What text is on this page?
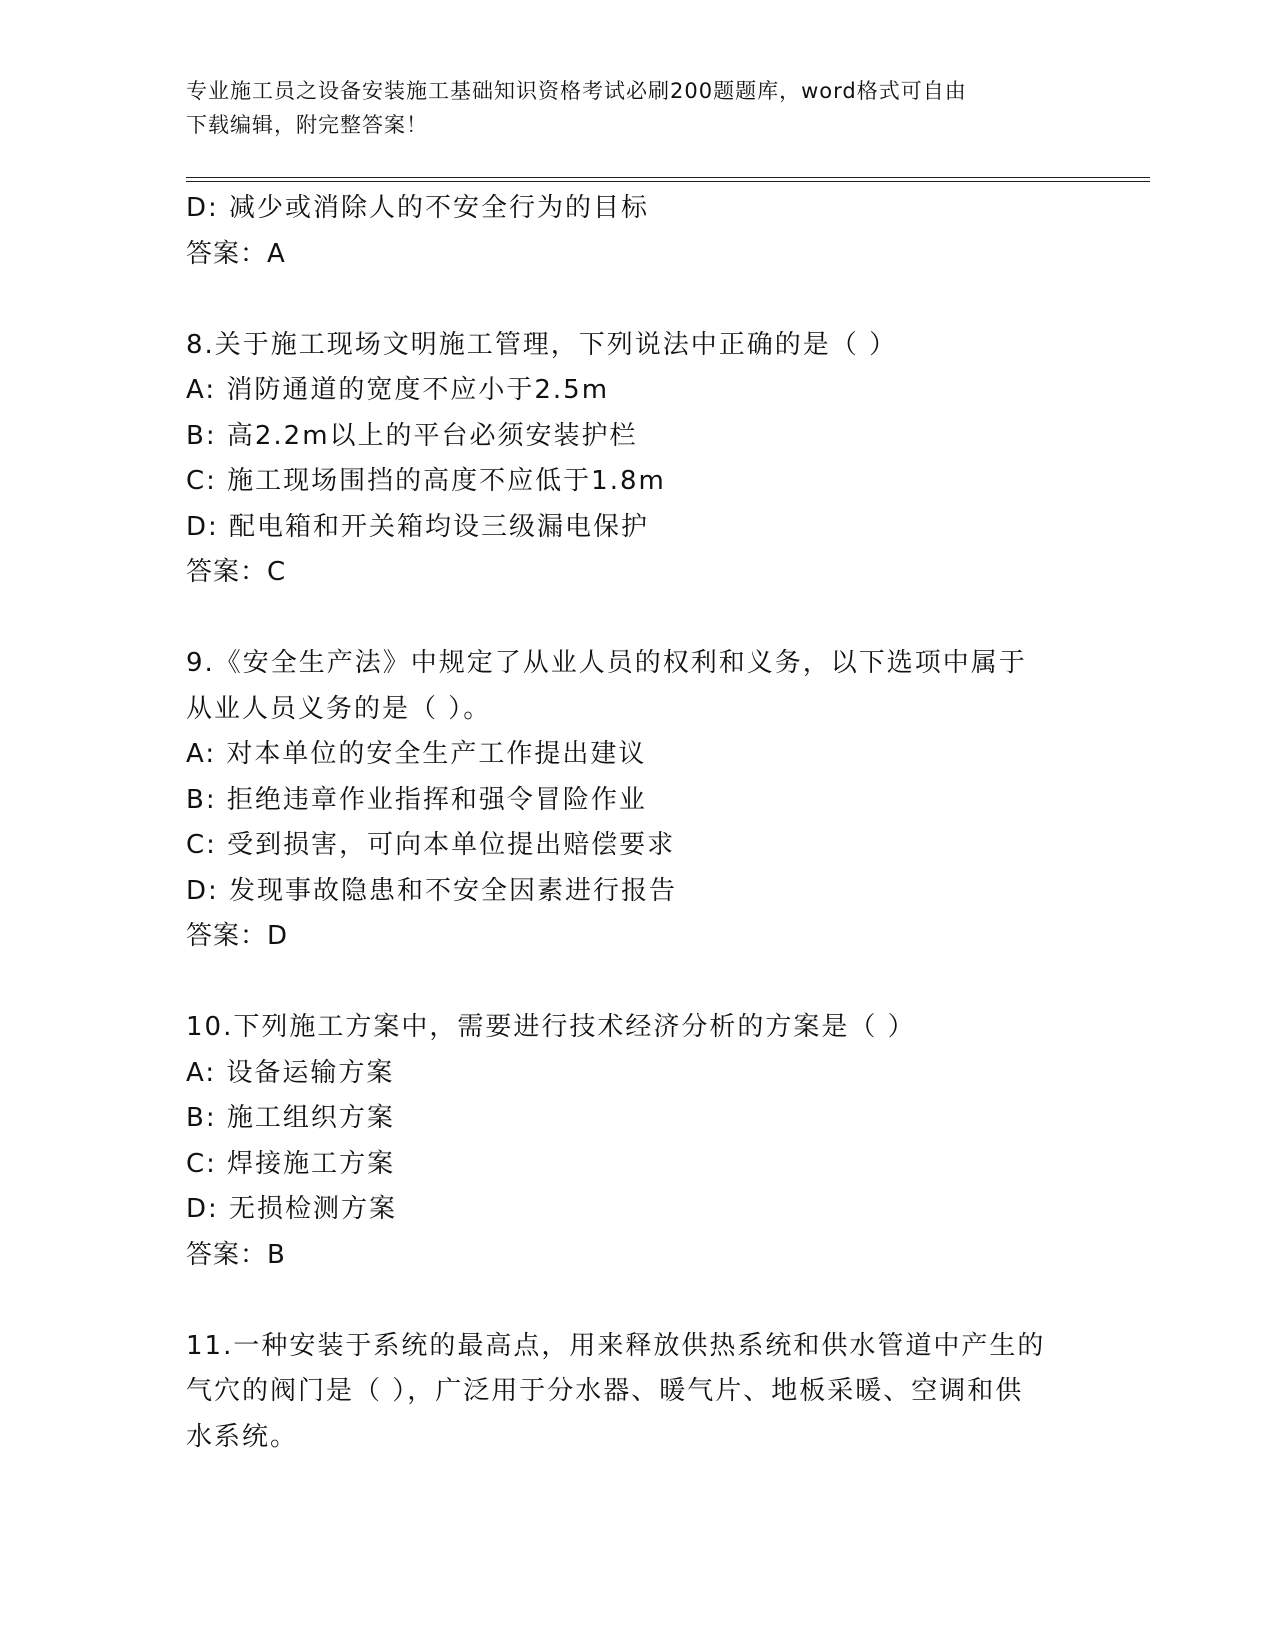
专业施工员之设备安装施工基础知识资格考试必刷200题题库，word格式可自由
下载编辑，附完整答案！
D: 减少或消除人的不安全行为的目标
答案：A
8.关于施工现场文明施工管理，下列说法中正确的是（ ）
A: 消防通道的宽度不应小于2.5m
B: 高2.2m以上的平台必须安装护栏
C: 施工现场围挡的高度不应低于1.8m
D: 配电箱和开关箱均设三级漏电保护
答案：C
9.《安全生产法》中规定了从业人员的权利和义务，以下选项中属于
从业人员义务的是（ ）。
A: 对本单位的安全生产工作提出建议
B: 拒绝违章作业指挥和强令冒险作业
C: 受到损害，可向本单位提出赔偿要求
D: 发现事故隐患和不安全因素进行报告
答案：D
10.下列施工方案中，需要进行技术经济分析的方案是（ ）
A: 设备运输方案
B: 施工组织方案
C: 焊接施工方案
D: 无损检测方案
答案：B
11.一种安装于系统的最高点，用来释放供热系统和供水管道中产生的
气穴的阀门是（ ），广泛用于分水器、暖气片、地板采暖、空调和供
水系统。
